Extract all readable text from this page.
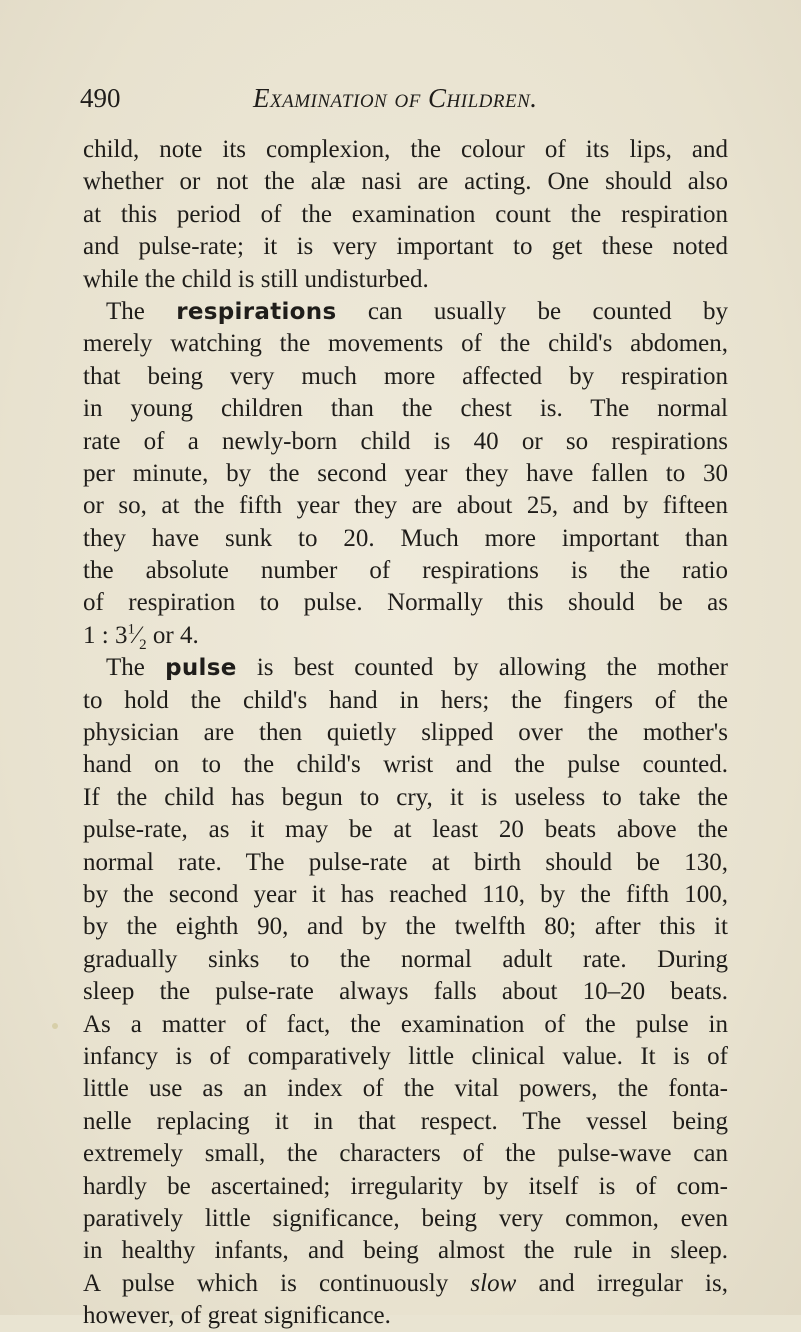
490	Examination of Children.
child, note its complexion, the colour of its lips, and
whether or not the alæ nasi are acting. One should also
at this period of the examination count the respiration
and pulse-rate; it is very important to get these noted
while the child is still undisturbed.
The respirations can usually be counted by
merely watching the movements of the child's abdomen,
that being very much more affected by respiration
in young children than the chest is. The normal
rate of a newly-born child is 40 or so respirations
per minute, by the second year they have fallen to 30
or so, at the fifth year they are about 25, and by fifteen
they have sunk to 20. Much more important than
the absolute number of respirations is the ratio
of respiration to pulse. Normally this should be as
1 : $3^1⁄_2$ or 4.
The pulse is best counted by allowing the mother
to hold the child's hand in hers; the fingers of the
physician are then quietly slipped over the mother's
hand on to the child's wrist and the pulse counted.
If the child has begun to cry, it is useless to take the
pulse-rate, as it may be at least 20 beats above the
normal rate. The pulse-rate at birth should be 130,
by the second year it has reached 110, by the fifth 100,
by the eighth 90, and by the twelfth 80; after this it
gradually sinks to the normal adult rate. During
sleep the pulse-rate always falls about 10–20 beats.
As a matter of fact, the examination of the pulse in
infancy is of comparatively little clinical value. It is of
little use as an index of the vital powers, the fonta-
nelle replacing it in that respect. The vessel being
extremely small, the characters of the pulse-wave can
hardly be ascertained; irregularity by itself is of com-
paratively little significance, being very common, even
in healthy infants, and being almost the rule in sleep.
A pulse which is continuously slow and irregular is,
however, of great significance.
